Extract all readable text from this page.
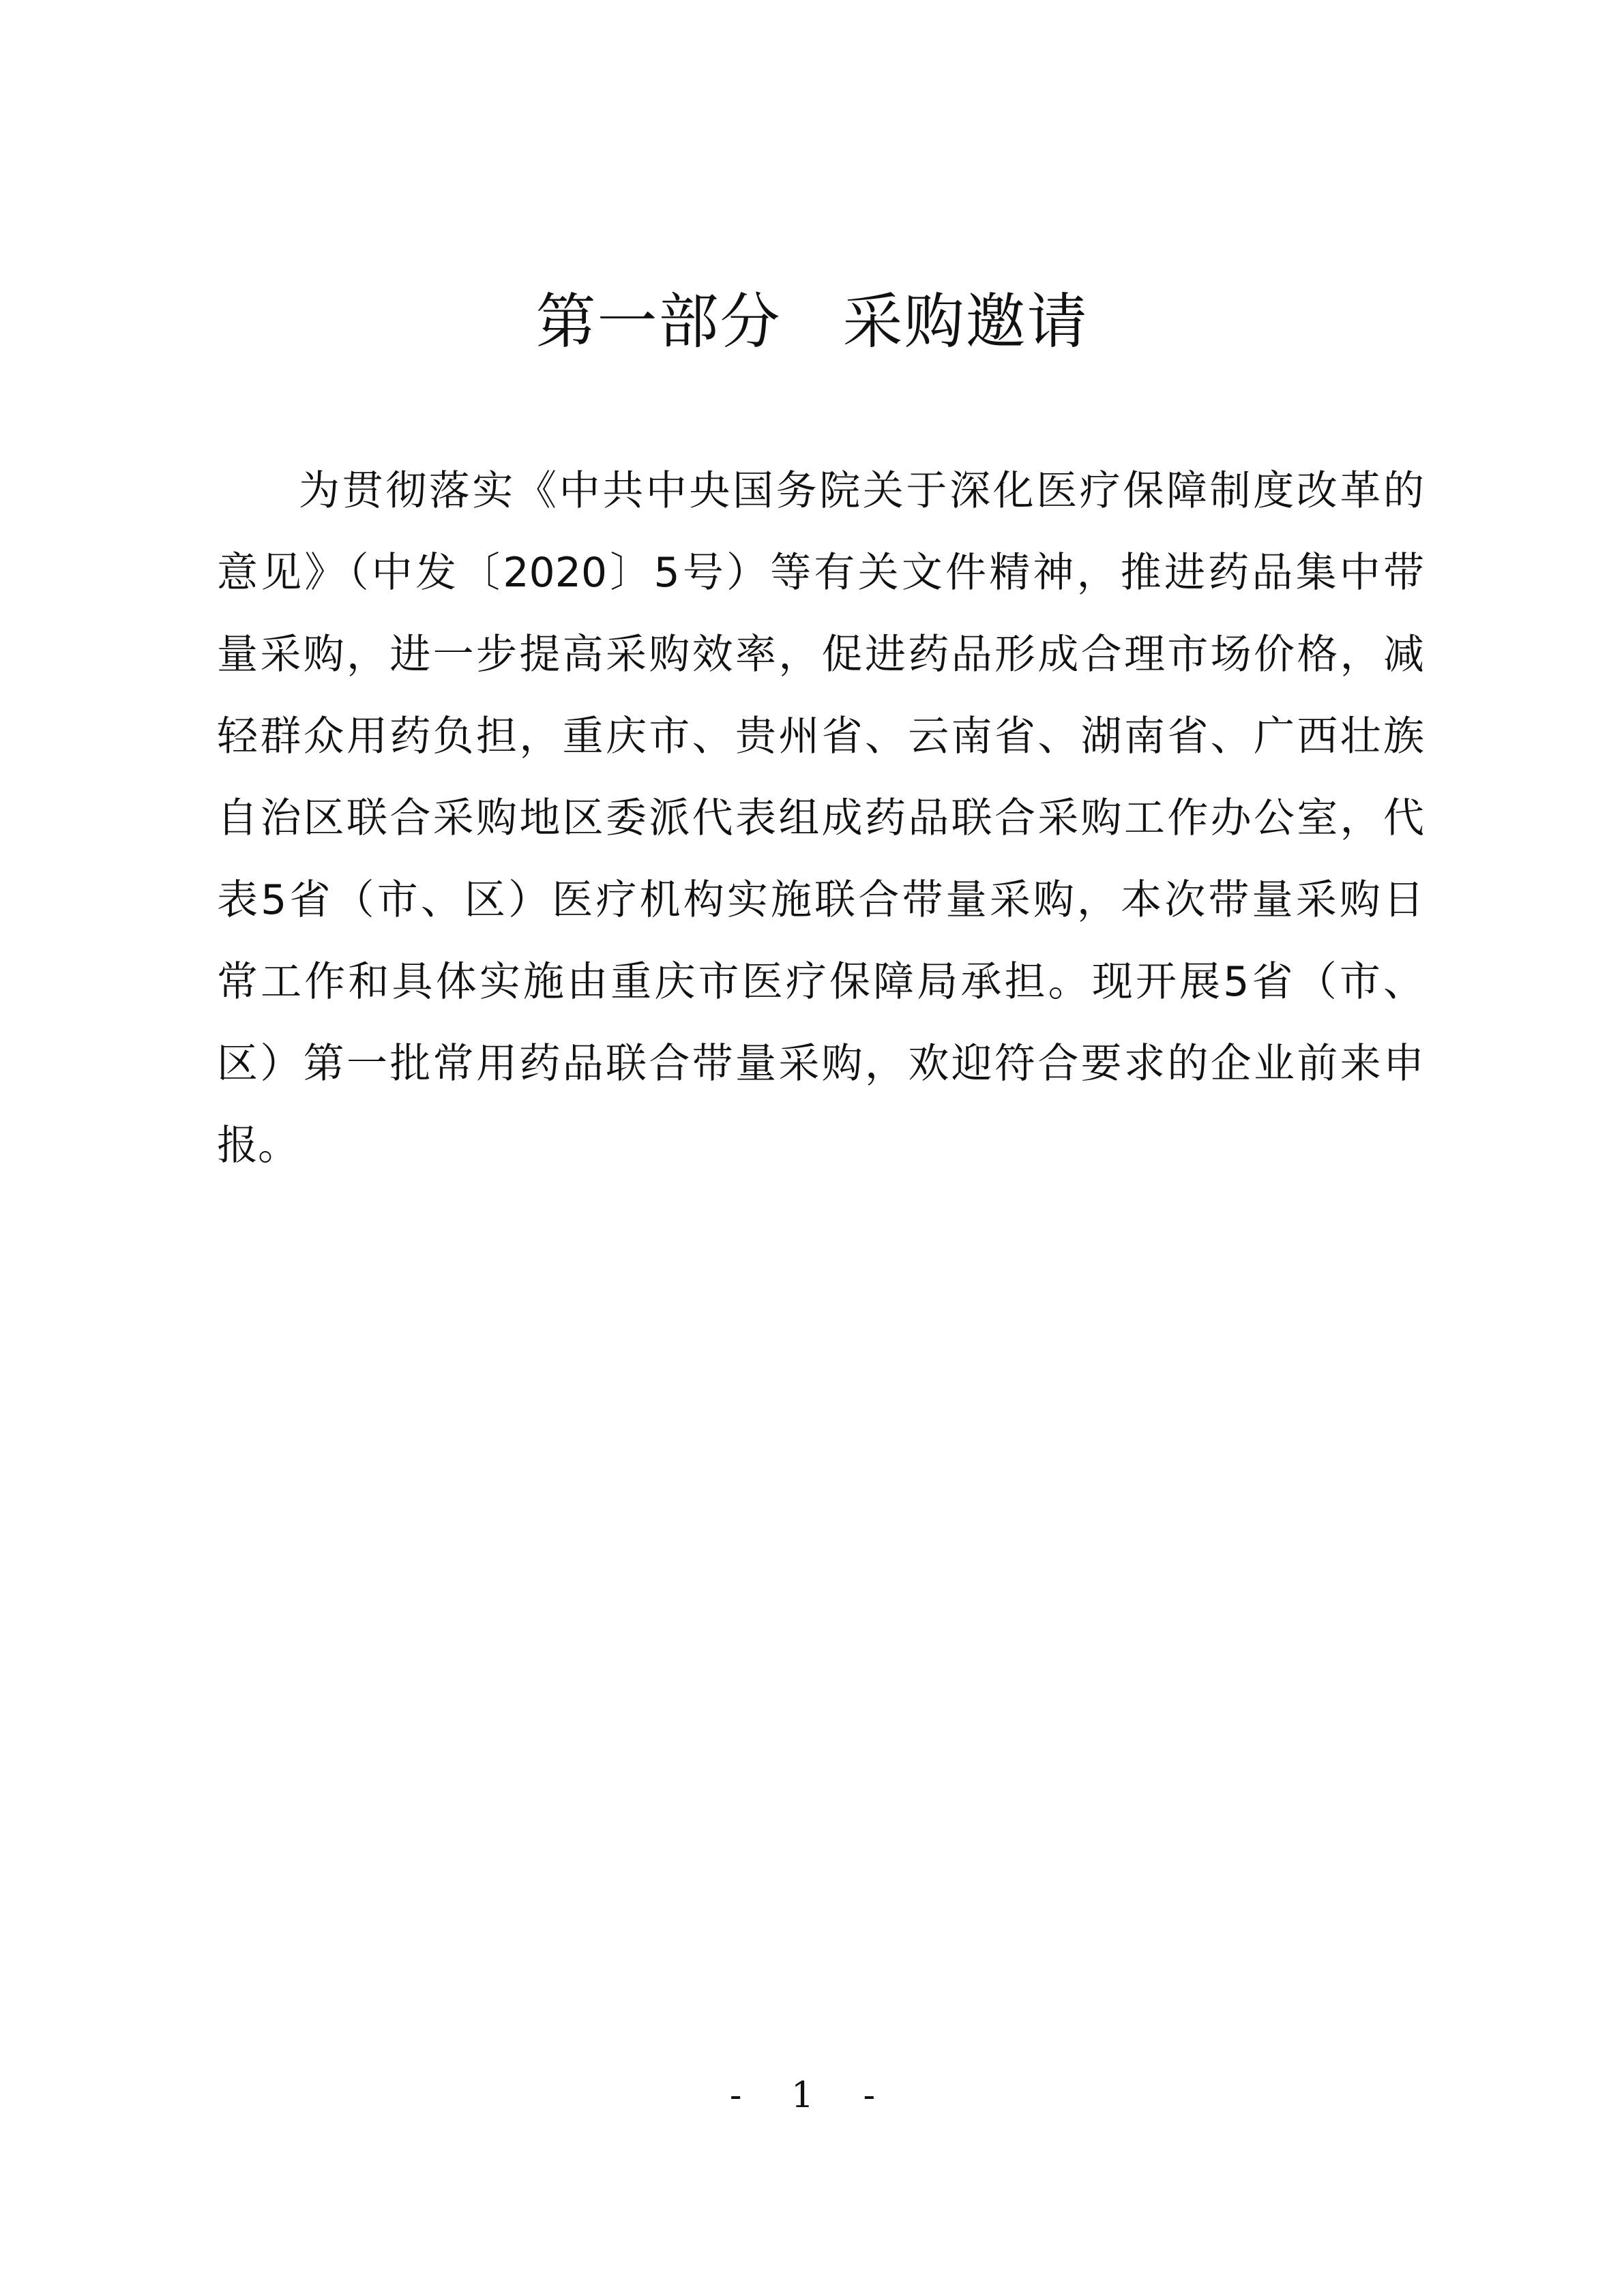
第一部分　采购邀请
为贯彻落实《中共中央国务院关于深化医疗保障制度改革的
意见》（中发〔2020〕5号）等有关文件精神，推进药品集中带
量采购，进一步提高采购效率，促进药品形成合理市场价格，减
轻群众用药负担，重庆市、贵州省、云南省、湖南省、广西壮族
自治区联合采购地区委派代表组成药品联合采购工作办公室，代
表5省（市、区）医疗机构实施联合带量采购，本次带量采购日
常工作和具体实施由重庆市医疗保障局承担。现开展5省（市、
区）第一批常用药品联合带量采购，欢迎符合要求的企业前来申
报。
- 1 -
